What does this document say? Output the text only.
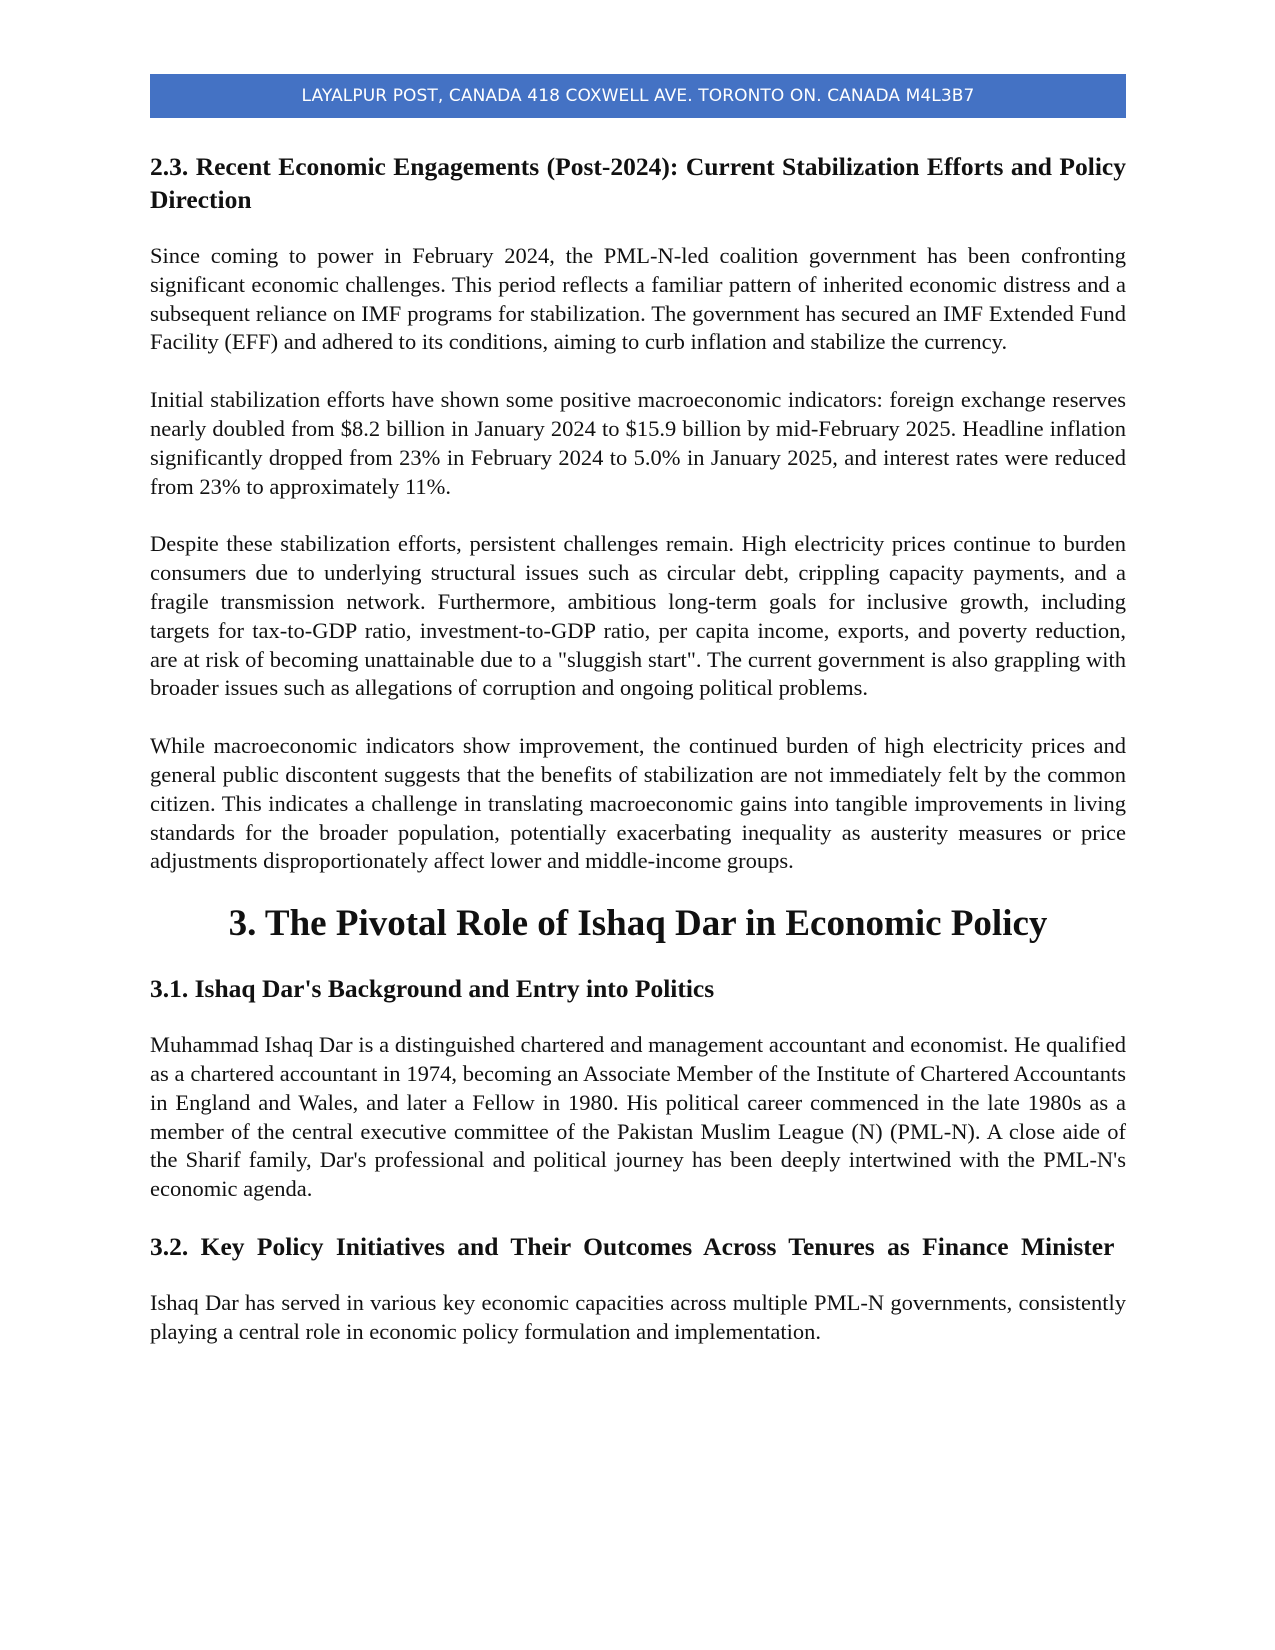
LAYALPUR POST, CANADA 418 COXWELL AVE. TORONTO ON. CANADA M4L3B7
2.3. Recent Economic Engagements (Post-2024): Current Stabilization Efforts and Policy Direction

Since coming to power in February 2024, the PML-N-led coalition government has been confronting significant economic challenges. This period reflects a familiar pattern of inherited economic distress and a subsequent reliance on IMF programs for stabilization. The government has secured an IMF Extended Fund Facility (EFF) and adhered to its conditions, aiming to curb inflation and stabilize the currency.

Initial stabilization efforts have shown some positive macroeconomic indicators: foreign exchange reserves nearly doubled from $8.2 billion in January 2024 to $15.9 billion by mid-February 2025. Headline inflation significantly dropped from 23% in February 2024 to 5.0% in January 2025, and interest rates were reduced from 23% to approximately 11%.

Despite these stabilization efforts, persistent challenges remain. High electricity prices continue to burden consumers due to underlying structural issues such as circular debt, crippling capacity payments, and a fragile transmission network. Furthermore, ambitious long-term goals for inclusive growth, including targets for tax-to-GDP ratio, investment-to-GDP ratio, per capita income, exports, and poverty reduction, are at risk of becoming unattainable due to a "sluggish start". The current government is also grappling with broader issues such as allegations of corruption and ongoing political problems.

While macroeconomic indicators show improvement, the continued burden of high electricity prices and general public discontent suggests that the benefits of stabilization are not immediately felt by the common citizen. This indicates a challenge in translating macroeconomic gains into tangible improvements in living standards for the broader population, potentially exacerbating inequality as austerity measures or price adjustments disproportionately affect lower and middle-income groups.

3. The Pivotal Role of Ishaq Dar in Economic Policy
3.1. Ishaq Dar's Background and Entry into Politics

Muhammad Ishaq Dar is a distinguished chartered and management accountant and economist. He qualified as a chartered accountant in 1974, becoming an Associate Member of the Institute of Chartered Accountants in England and Wales, and later a Fellow in 1980. His political career commenced in the late 1980s as a member of the central executive committee of the Pakistan Muslim League (N) (PML-N). A close aide of the Sharif family, Dar's professional and political journey has been deeply intertwined with the PML-N's economic agenda.

3.2. Key Policy Initiatives and Their Outcomes Across Tenures as Finance Minister

Ishaq Dar has served in various key economic capacities across multiple PML-N governments, consistently playing a central role in economic policy formulation and implementation.
